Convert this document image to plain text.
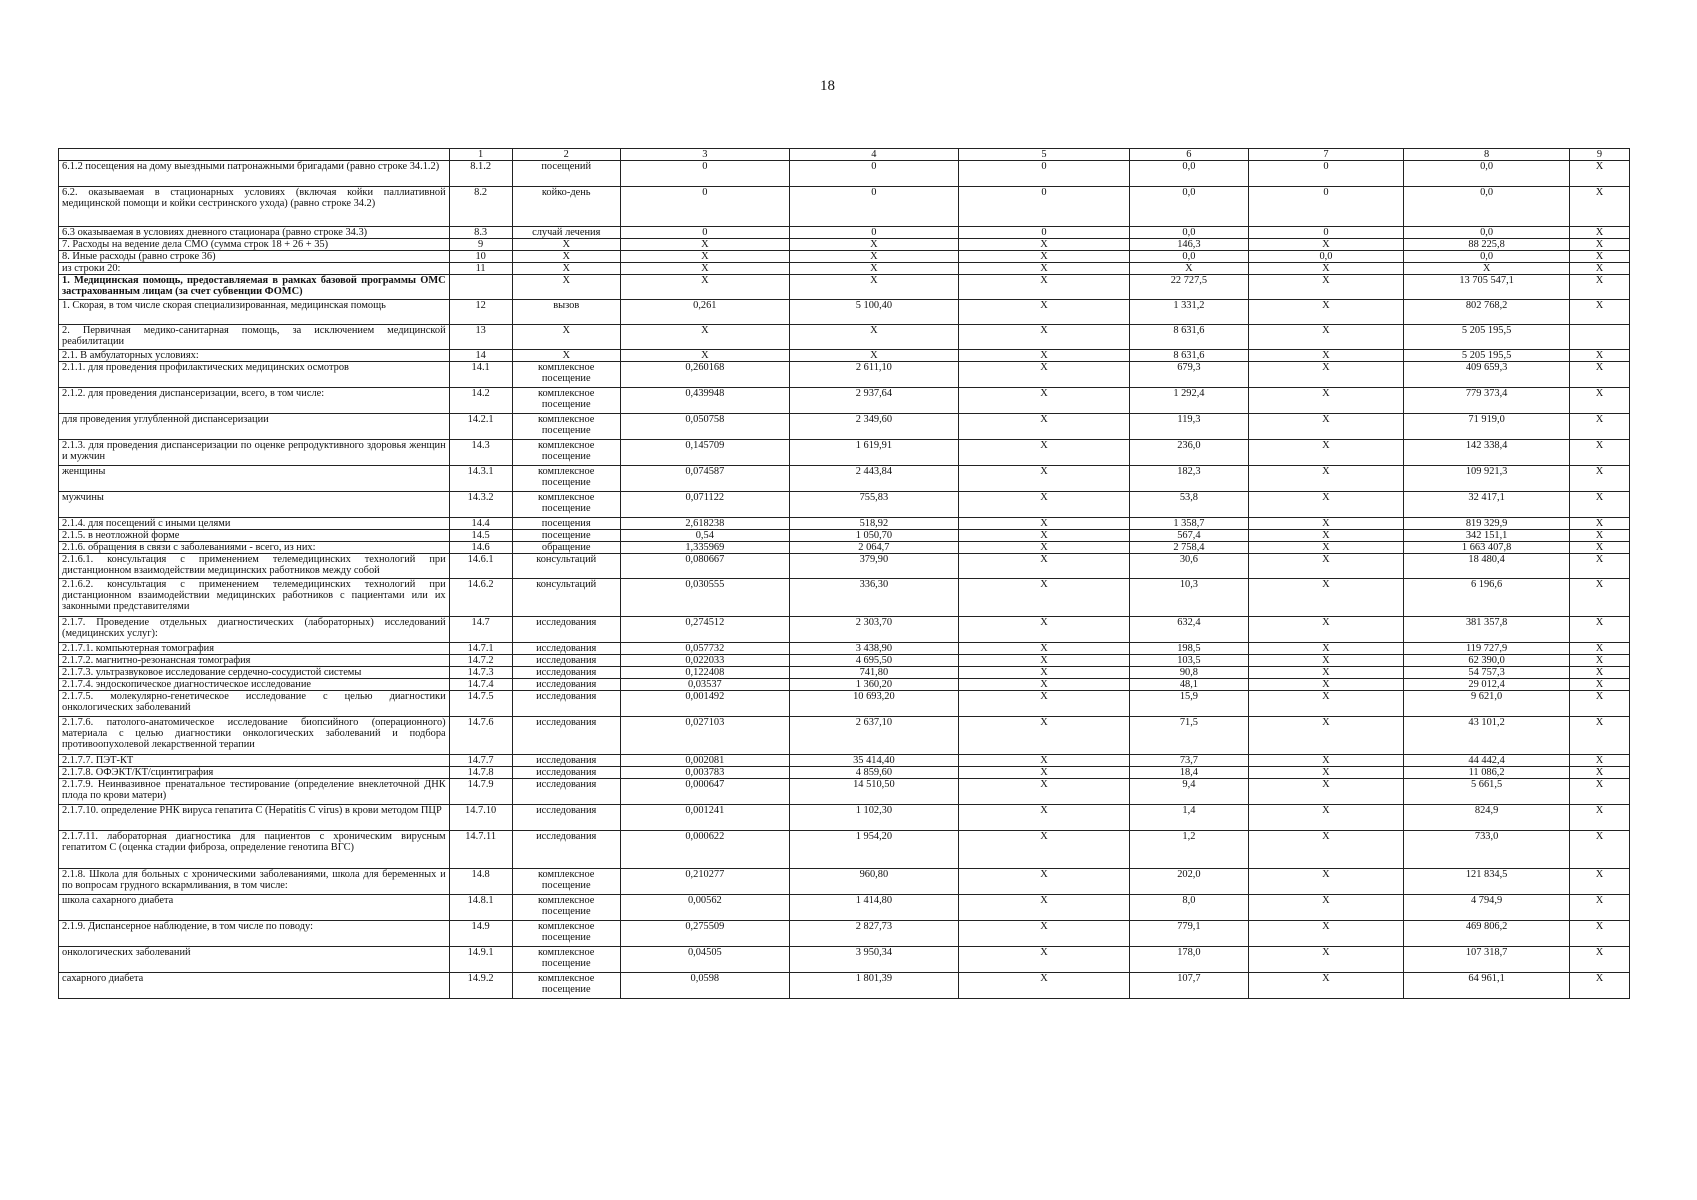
18
	1	2	3	4	5	6	7	8	9
6.1.2 посещения на дому выездными патронажными бригадами (равно строке 34.1.2)	8.1.2	посещений	0	0	0	0,0	0	0,0	X
6.2. оказываемая в стационарных условиях (включая койки паллиативной медицинской помощи и койки сестринского ухода) (равно строке 34.2)	8.2	койко-день	0	0	0	0,0	0	0,0	X
6.3 оказываемая в условиях дневного стационара (равно строке 34.3)	8.3	случай лечения	0	0	0	0,0	0	0,0	X
7. Расходы на ведение дела СМО (сумма строк 18 + 26 + 35)	9	X	X	X	X	146,3	X	88 225,8	X
8. Иные расходы (равно строке 36)	10	X	X	X	X	0,0	0,0	0,0	X
из строки 20:	11	X	X	X	X	X	X	X	X
1. Медицинская помощь, предоставляемая в рамках базовой программы ОМС застрахованным лицам (за счет субвенции ФОМС)		X	X	X	X	22 727,5	X	13 705 547,1	X
1. Скорая, в том числе скорая специализированная, медицинская помощь	12	вызов	0,261	5 100,40	X	1 331,2	X	802 768,2	X
2. Первичная медико-санитарная помощь, за исключением медицинской реабилитации	13	X	X	X	X	8 631,6	X	5 205 195,5	
2.1. В амбулаторных условиях:	14	X	X	X	X	8 631,6	X	5 205 195,5	X
2.1.1. для проведения профилактических медицинских осмотров	14.1	комплексное посещение	0,260168	2 611,10	X	679,3	X	409 659,3	X
2.1.2. для проведения диспансеризации, всего, в том числе:	14.2	комплексное посещение	0,439948	2 937,64	X	1 292,4	X	779 373,4	X
для проведения углубленной диспансеризации	14.2.1	комплексное посещение	0,050758	2 349,60	X	119,3	X	71 919,0	X
2.1.3. для проведения диспансеризации по оценке репродуктивного здоровья женщин и мужчин	14.3	комплексное посещение	0,145709	1 619,91	X	236,0	X	142 338,4	X
женщины	14.3.1	комплексное посещение	0,074587	2 443,84	X	182,3	X	109 921,3	X
мужчины	14.3.2	комплексное посещение	0,071122	755,83	X	53,8	X	32 417,1	X
2.1.4. для посещений с иными целями	14.4	посещения	2,618238	518,92	X	1 358,7	X	819 329,9	X
2.1.5. в неотложной форме	14.5	посещение	0,54	1 050,70	X	567,4	X	342 151,1	X
2.1.6. обращения в связи с заболеваниями - всего, из них:	14.6	обращение	1,335969	2 064,7	X	2 758,4	X	1 663 407,8	X
2.1.6.1. консультация с применением телемедицинских технологий при дистанционном взаимодействии медицинских работников между собой	14.6.1	консультаций	0,080667	379,90	X	30,6	X	18 480,4	X
2.1.6.2. консультация с применением телемедицинских технологий при дистанционном взаимодействии медицинских работников с пациентами или их законными представителями	14.6.2	консультаций	0,030555	336,30	X	10,3	X	6 196,6	X
2.1.7. Проведение отдельных диагностических (лабораторных) исследований (медицинских услуг):	14.7	исследования	0,274512	2 303,70	X	632,4	X	381 357,8	X
2.1.7.1. компьютерная томография	14.7.1	исследования	0,057732	3 438,90	X	198,5	X	119 727,9	X
2.1.7.2. магнитно-резонансная томография	14.7.2	исследования	0,022033	4 695,50	X	103,5	X	62 390,0	X
2.1.7.3. ультразвуковое исследование сердечно-сосудистой системы	14.7.3	исследования	0,122408	741,80	X	90,8	X	54 757,3	X
2.1.7.4. эндоскопическое диагностическое исследование	14.7.4	исследования	0,03537	1 360,20	X	48,1	X	29 012,4	X
2.1.7.5. молекулярно-генетическое исследование с целью диагностики онкологических заболеваний	14.7.5	исследования	0,001492	10 693,20	X	15,9	X	9 621,0	X
2.1.7.6. патолого-анатомическое исследование биопсийного (операционного) материала с целью диагностики онкологических заболеваний и подбора противоопухолевой лекарственной терапии	14.7.6	исследования	0,027103	2 637,10	X	71,5	X	43 101,2	X
2.1.7.7. ПЭТ-КТ	14.7.7	исследования	0,002081	35 414,40	X	73,7	X	44 442,4	X
2.1.7.8. ОФЭКТ/КТ/сцинтиграфия	14.7.8	исследования	0,003783	4 859,60	X	18,4	X	11 086,2	X
2.1.7.9. Неинвазивное пренатальное тестирование (определение внеклеточной ДНК плода по крови матери)	14.7.9	исследования	0,000647	14 510,50	X	9,4	X	5 661,5	X
2.1.7.10. определение РНК вируса гепатита С (Hepatitis C virus) в крови методом ПЦР	14.7.10	исследования	0,001241	1 102,30	X	1,4	X	824,9	X
2.1.7.11. лабораторная диагностика для пациентов с хроническим вирусным гепатитом С (оценка стадии фиброза, определение генотипа ВГС)	14.7.11	исследования	0,000622	1 954,20	X	1,2	X	733,0	X
2.1.8. Школа для больных с хроническими заболеваниями, школа для беременных и по вопросам грудного вскармливания, в том числе:	14.8	комплексное посещение	0,210277	960,80	X	202,0	X	121 834,5	X
школа сахарного диабета	14.8.1	комплексное посещение	0,00562	1 414,80	X	8,0	X	4 794,9	X
2.1.9. Диспансерное наблюдение, в том числе по поводу:	14.9	комплексное посещение	0,275509	2 827,73	X	779,1	X	469 806,2	X
онкологических заболеваний	14.9.1	комплексное посещение	0,04505	3 950,34	X	178,0	X	107 318,7	X
сахарного диабета	14.9.2	комплексное посещение	0,0598	1 801,39	X	107,7	X	64 961,1	X
